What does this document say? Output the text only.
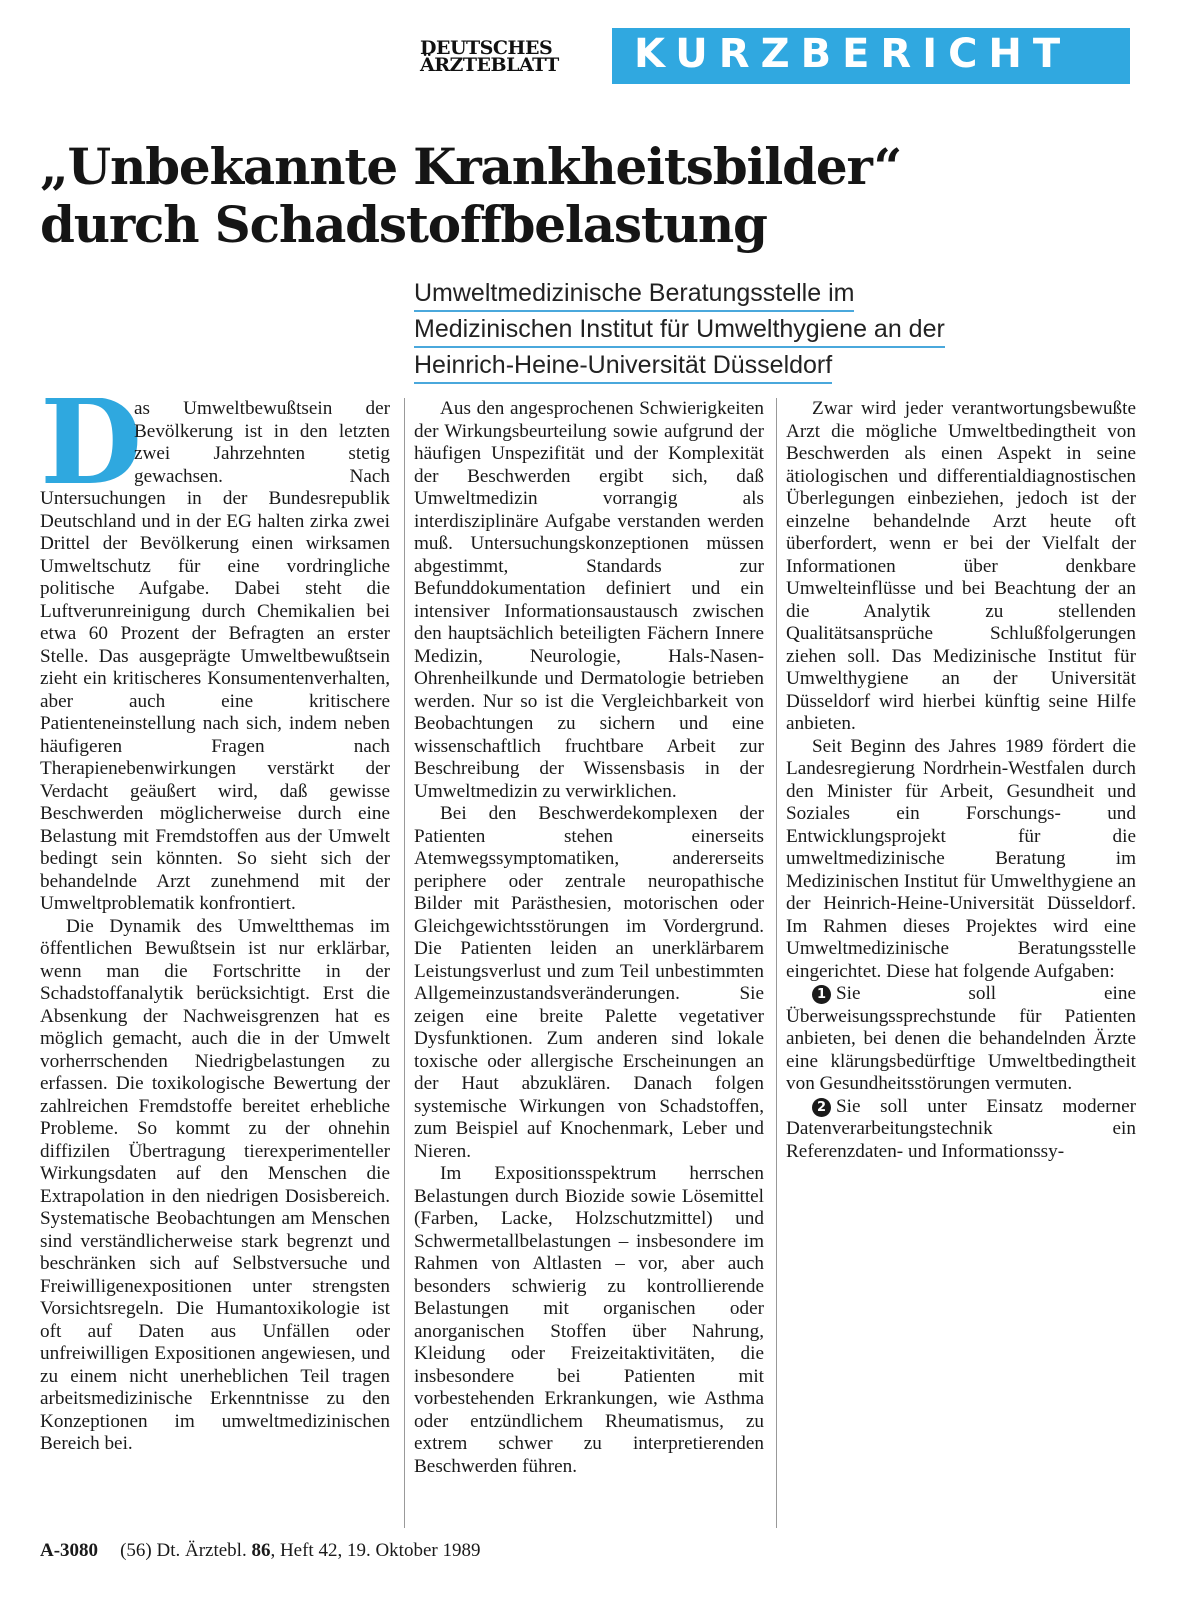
DEUTSCHES
ÄRZTEBLATT	KURZBERICHT
„Unbekannte Krankheitsbilder“
durch Schadstoffbelastung
Umweltmedizinische Beratungsstelle im
Medizinischen Institut für Umwelthygiene an der
Heinrich-Heine-Universität Düsseldorf

D
as Umweltbewußtsein der Bevölkerung ist in den letzten zwei Jahrzehnten stetig gewachsen. Nach Untersuchungen in der Bundesrepublik Deutschland und in der EG halten zirka zwei Drittel der Bevölkerung einen wirksamen Umweltschutz für eine vordringliche politische Aufgabe. Dabei steht die Luftverunreinigung durch Chemikalien bei etwa 60 Prozent der Befragten an erster Stelle. Das ausgeprägte Umweltbewußtsein zieht ein kritischeres Konsumentenverhalten, aber auch eine kritischere Patienteneinstellung nach sich, indem neben häufigeren Fragen nach Therapienebenwirkungen verstärkt der Verdacht geäußert wird, daß gewisse Beschwerden möglicherweise durch eine Belastung mit Fremdstoffen aus der Umwelt bedingt sein könnten. So sieht sich der behandelnde Arzt zunehmend mit der Umweltproblematik konfrontiert.

Die Dynamik des Umweltthemas im öffentlichen Bewußtsein ist nur erklärbar, wenn man die Fortschritte in der Schadstoffanalytik berücksichtigt. Erst die Absenkung der Nachweisgrenzen hat es möglich gemacht, auch die in der Umwelt vorherrschenden Niedrigbelastungen zu erfassen. Die toxikologische Bewertung der zahlreichen Fremdstoffe bereitet erhebliche Probleme. So kommt zu der ohnehin diffizilen Übertragung tierexperimenteller Wirkungsdaten auf den Menschen die Extrapolation in den niedrigen Dosisbereich. Systematische Beobachtungen am Menschen sind verständlicherweise stark begrenzt und beschränken sich auf Selbstversuche und Freiwilligenexpositionen unter strengsten Vorsichtsregeln. Die Humantoxikologie ist oft auf Daten aus Unfällen oder unfreiwilligen Expositionen angewiesen, und zu einem nicht unerheblichen Teil tragen arbeitsmedizinische Erkenntnisse zu den Konzeptionen im umweltmedizinischen Bereich bei.

Aus den angesprochenen Schwierigkeiten der Wirkungsbeurteilung sowie aufgrund der häufigen Unspezifität und der Komplexität der Beschwerden ergibt sich, daß Umweltmedizin vorrangig als interdisziplinäre Aufgabe verstanden werden muß. Untersuchungskonzeptionen müssen abgestimmt, Standards zur Befunddokumentation definiert und ein intensiver Informationsaustausch zwischen den hauptsächlich beteiligten Fächern Innere Medizin, Neurologie, Hals-Nasen-Ohrenheilkunde und Dermatologie betrieben werden. Nur so ist die Vergleichbarkeit von Beobachtungen zu sichern und eine wissenschaftlich fruchtbare Arbeit zur Beschreibung der Wissensbasis in der Umweltmedizin zu verwirklichen.

Bei den Beschwerdekomplexen der Patienten stehen einerseits Atemwegssymptomatiken, andererseits periphere oder zentrale neuropathische Bilder mit Parästhesien, motorischen oder Gleichgewichtsstörungen im Vordergrund. Die Patienten leiden an unerklärbarem Leistungsverlust und zum Teil unbestimmten Allgemeinzustandsveränderungen. Sie zeigen eine breite Palette vegetativer Dysfunktionen. Zum anderen sind lokale toxische oder allergische Erscheinungen an der Haut abzuklären. Danach folgen systemische Wirkungen von Schadstoffen, zum Beispiel auf Knochenmark, Leber und Nieren.

Im Expositionsspektrum herrschen Belastungen durch Biozide sowie Lösemittel (Farben, Lacke, Holzschutzmittel) und Schwermetallbelastungen – insbesondere im Rahmen von Altlasten – vor, aber auch besonders schwierig zu kontrollierende Belastungen mit organischen oder anorganischen Stoffen über Nahrung, Kleidung oder Freizeitaktivitäten, die insbesondere bei Patienten mit vorbestehenden Erkrankungen, wie Asthma oder entzündlichem Rheumatismus, zu extrem schwer zu interpretierenden Beschwerden führen.

Zwar wird jeder verantwortungsbewußte Arzt die mögliche Umweltbedingtheit von Beschwerden als einen Aspekt in seine ätiologischen und differentialdiagnostischen Überlegungen einbeziehen, jedoch ist der einzelne behandelnde Arzt heute oft überfordert, wenn er bei der Vielfalt der Informationen über denkbare Umwelteinflüsse und bei Beachtung der an die Analytik zu stellenden Qualitätsansprüche Schlußfolgerungen ziehen soll. Das Medizinische Institut für Umwelthygiene an der Universität Düsseldorf wird hierbei künftig seine Hilfe anbieten.

Seit Beginn des Jahres 1989 fördert die Landesregierung Nordrhein-Westfalen durch den Minister für Arbeit, Gesundheit und Soziales ein Forschungs- und Entwicklungsprojekt für die umweltmedizinische Beratung im Medizinischen Institut für Umwelthygiene an der Heinrich-Heine-Universität Düsseldorf. Im Rahmen dieses Projektes wird eine Umweltmedizinische Beratungsstelle eingerichtet. Diese hat folgende Aufgaben:

1 Sie soll eine Überweisungssprechstunde für Patienten anbieten, bei denen die behandelnden Ärzte eine klärungsbedürftige Umweltbedingtheit von Gesundheitsstörungen vermuten.

2 Sie soll unter Einsatz moderner Datenverarbeitungstechnik ein Referenzdaten- und Informationssy-

A-3080 (56) Dt. Ärztebl. 86, Heft 42, 19. Oktober 1989
